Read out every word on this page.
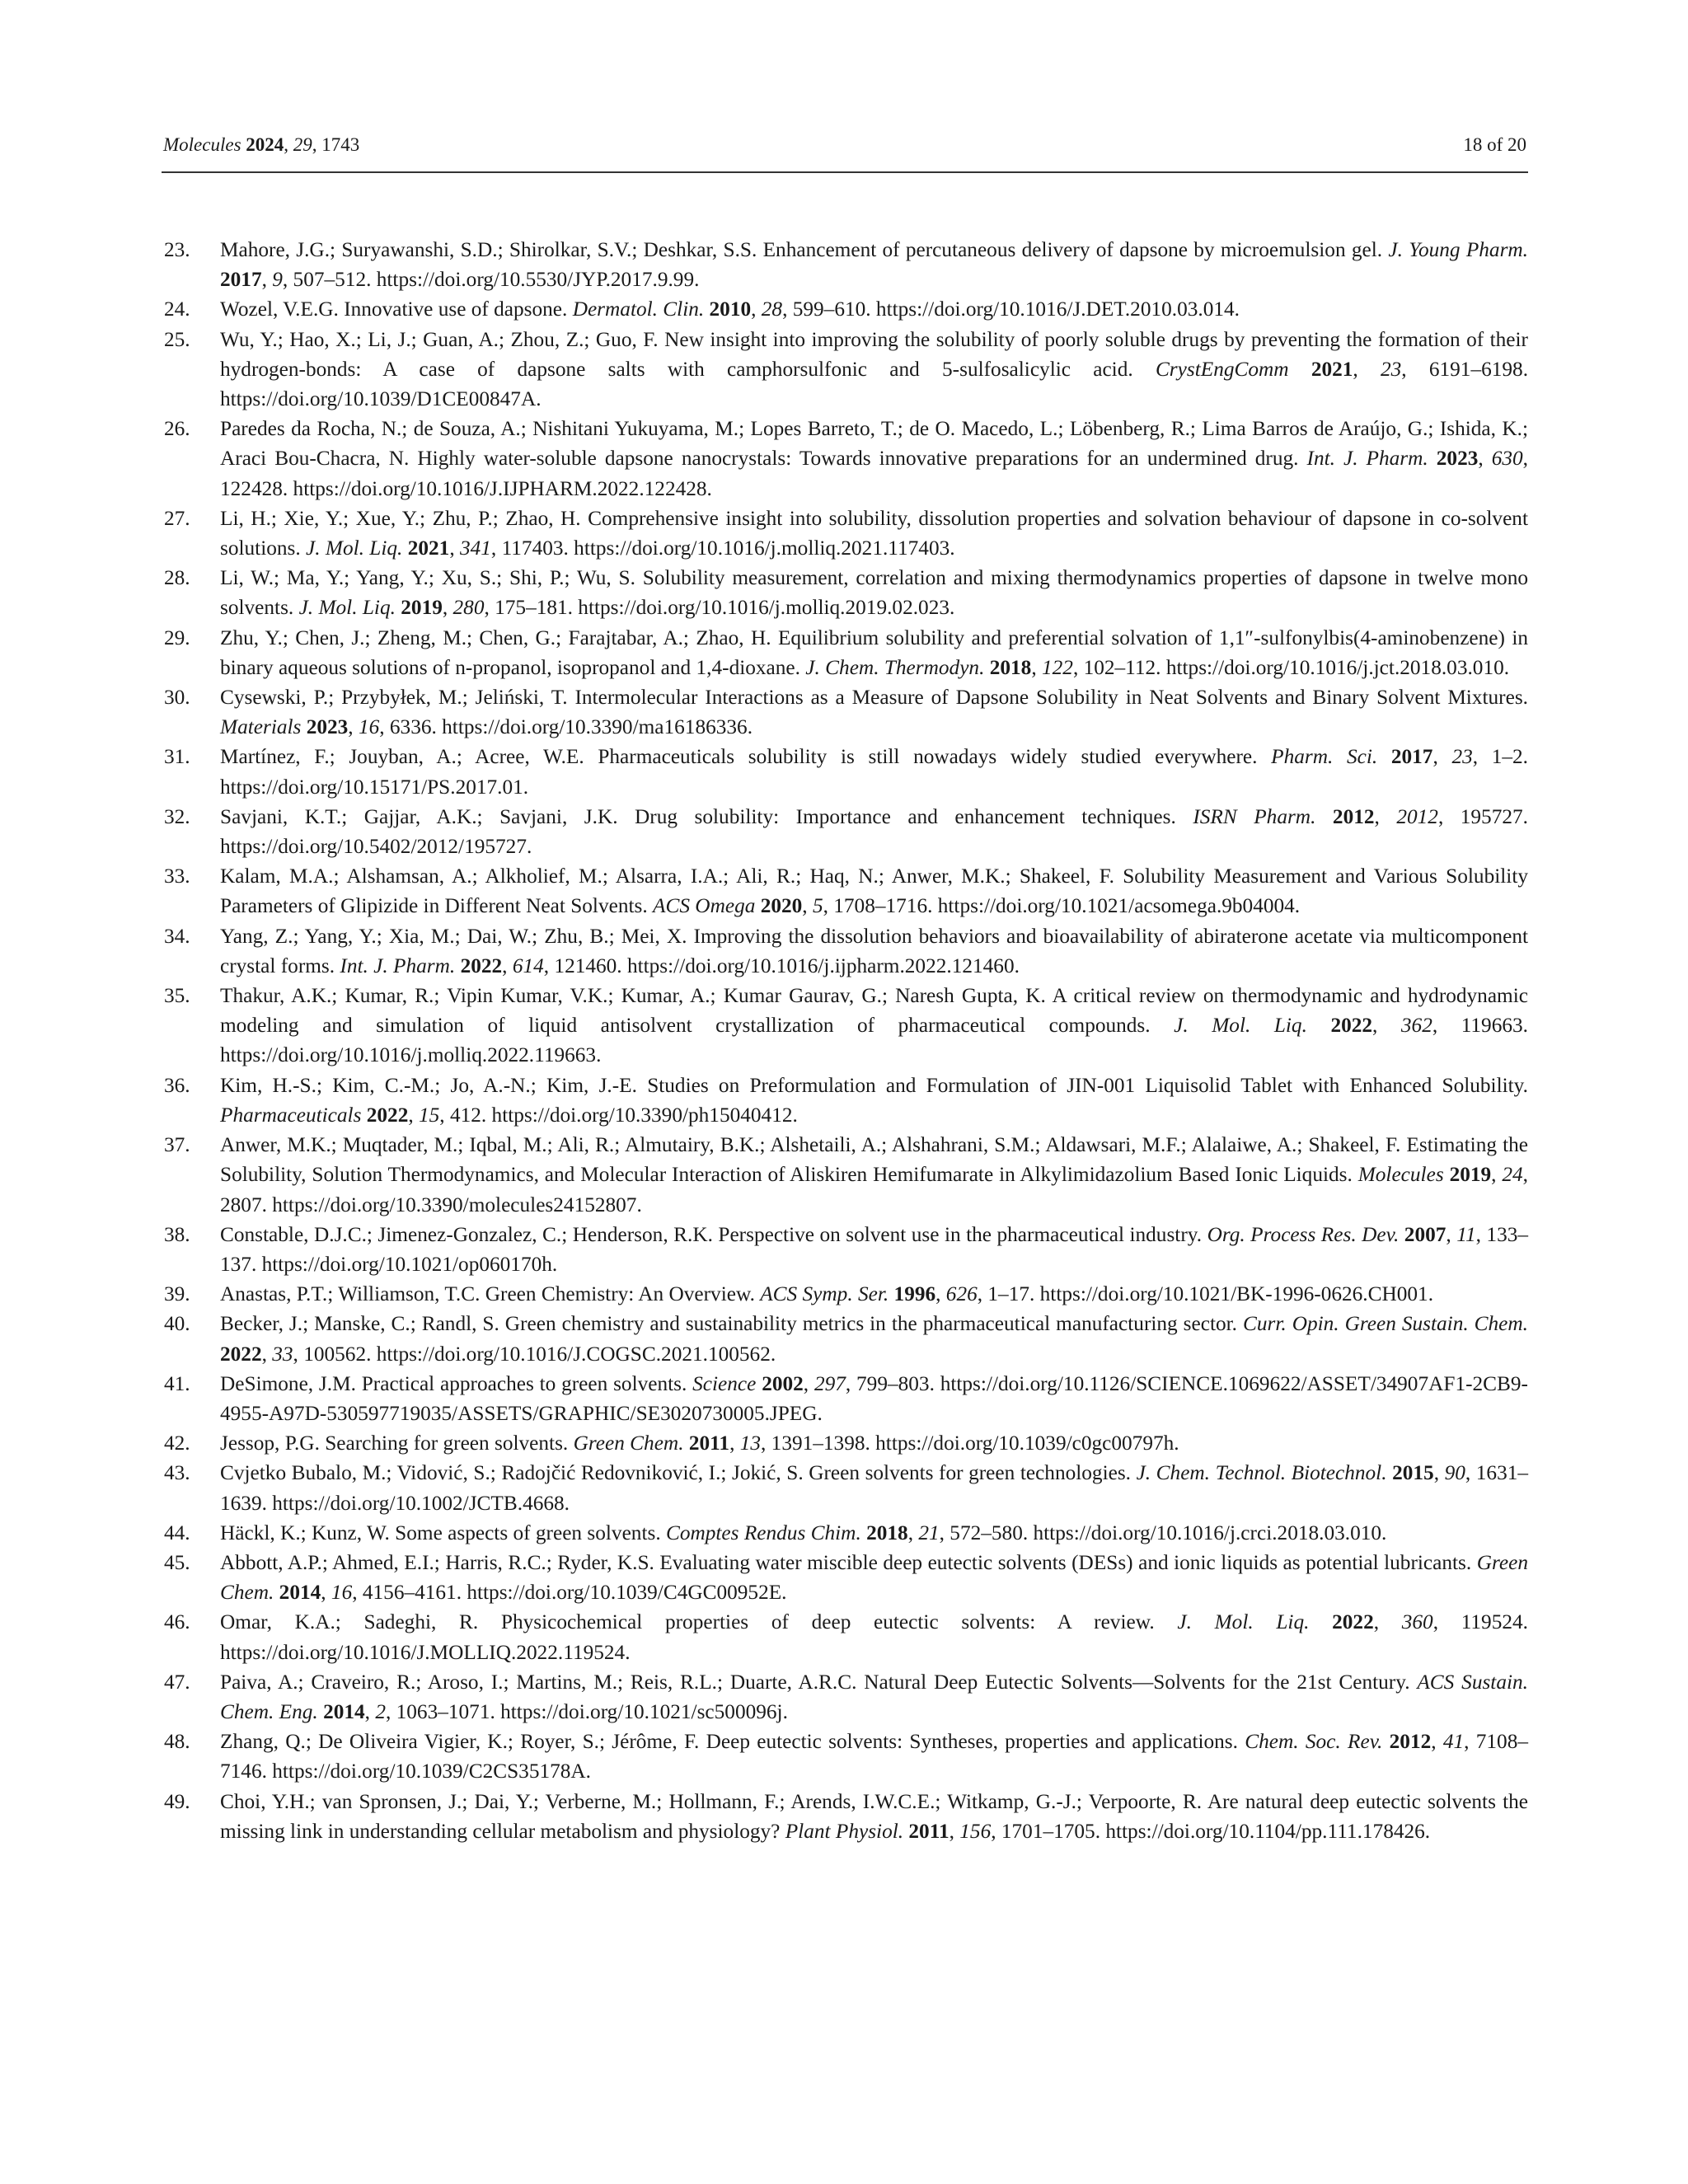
Molecules 2024, 29, 1743	18 of 20
23. Mahore, J.G.; Suryawanshi, S.D.; Shirolkar, S.V.; Deshkar, S.S. Enhancement of percutaneous delivery of dapsone by microemulsion gel. J. Young Pharm. 2017, 9, 507–512. https://doi.org/10.5530/JYP.2017.9.99.
24. Wozel, V.E.G. Innovative use of dapsone. Dermatol. Clin. 2010, 28, 599–610. https://doi.org/10.1016/J.DET.2010.03.014.
25. Wu, Y.; Hao, X.; Li, J.; Guan, A.; Zhou, Z.; Guo, F. New insight into improving the solubility of poorly soluble drugs by preventing the formation of their hydrogen-bonds: A case of dapsone salts with camphorsulfonic and 5-sulfosalicylic acid. CrystEngComm 2021, 23, 6191–6198. https://doi.org/10.1039/D1CE00847A.
26. Paredes da Rocha, N.; de Souza, A.; Nishitani Yukuyama, M.; Lopes Barreto, T.; de O. Macedo, L.; Löbenberg, R.; Lima Barros de Araújo, G.; Ishida, K.; Araci Bou-Chacra, N. Highly water-soluble dapsone nanocrystals: Towards innovative preparations for an undermined drug. Int. J. Pharm. 2023, 630, 122428. https://doi.org/10.1016/J.IJPHARM.2022.122428.
27. Li, H.; Xie, Y.; Xue, Y.; Zhu, P.; Zhao, H. Comprehensive insight into solubility, dissolution properties and solvation behaviour of dapsone in co-solvent solutions. J. Mol. Liq. 2021, 341, 117403. https://doi.org/10.1016/j.molliq.2021.117403.
28. Li, W.; Ma, Y.; Yang, Y.; Xu, S.; Shi, P.; Wu, S. Solubility measurement, correlation and mixing thermodynamics properties of dapsone in twelve mono solvents. J. Mol. Liq. 2019, 280, 175–181. https://doi.org/10.1016/j.molliq.2019.02.023.
29. Zhu, Y.; Chen, J.; Zheng, M.; Chen, G.; Farajtabar, A.; Zhao, H. Equilibrium solubility and preferential solvation of 1,1″-sulfonylbis(4-aminobenzene) in binary aqueous solutions of n-propanol, isopropanol and 1,4-dioxane. J. Chem. Thermodyn. 2018, 122, 102–112. https://doi.org/10.1016/j.jct.2018.03.010.
30. Cysewski, P.; Przybyłek, M.; Jeliński, T. Intermolecular Interactions as a Measure of Dapsone Solubility in Neat Solvents and Binary Solvent Mixtures. Materials 2023, 16, 6336. https://doi.org/10.3390/ma16186336.
31. Martínez, F.; Jouyban, A.; Acree, W.E. Pharmaceuticals solubility is still nowadays widely studied everywhere. Pharm. Sci. 2017, 23, 1–2. https://doi.org/10.15171/PS.2017.01.
32. Savjani, K.T.; Gajjar, A.K.; Savjani, J.K. Drug solubility: Importance and enhancement techniques. ISRN Pharm. 2012, 2012, 195727. https://doi.org/10.5402/2012/195727.
33. Kalam, M.A.; Alshamsan, A.; Alkholief, M.; Alsarra, I.A.; Ali, R.; Haq, N.; Anwer, M.K.; Shakeel, F. Solubility Measurement and Various Solubility Parameters of Glipizide in Different Neat Solvents. ACS Omega 2020, 5, 1708–1716. https://doi.org/10.1021/acsomega.9b04004.
34. Yang, Z.; Yang, Y.; Xia, M.; Dai, W.; Zhu, B.; Mei, X. Improving the dissolution behaviors and bioavailability of abiraterone acetate via multicomponent crystal forms. Int. J. Pharm. 2022, 614, 121460. https://doi.org/10.1016/j.ijpharm.2022.121460.
35. Thakur, A.K.; Kumar, R.; Vipin Kumar, V.K.; Kumar, A.; Kumar Gaurav, G.; Naresh Gupta, K. A critical review on thermodynamic and hydrodynamic modeling and simulation of liquid antisolvent crystallization of pharmaceutical compounds. J. Mol. Liq. 2022, 362, 119663. https://doi.org/10.1016/j.molliq.2022.119663.
36. Kim, H.-S.; Kim, C.-M.; Jo, A.-N.; Kim, J.-E. Studies on Preformulation and Formulation of JIN-001 Liquisolid Tablet with Enhanced Solubility. Pharmaceuticals 2022, 15, 412. https://doi.org/10.3390/ph15040412.
37. Anwer, M.K.; Muqtader, M.; Iqbal, M.; Ali, R.; Almutairy, B.K.; Alshetaili, A.; Alshahrani, S.M.; Aldawsari, M.F.; Alalaiwe, A.; Shakeel, F. Estimating the Solubility, Solution Thermodynamics, and Molecular Interaction of Aliskiren Hemifumarate in Alkylimidazolium Based Ionic Liquids. Molecules 2019, 24, 2807. https://doi.org/10.3390/molecules24152807.
38. Constable, D.J.C.; Jimenez-Gonzalez, C.; Henderson, R.K. Perspective on solvent use in the pharmaceutical industry. Org. Process Res. Dev. 2007, 11, 133–137. https://doi.org/10.1021/op060170h.
39. Anastas, P.T.; Williamson, T.C. Green Chemistry: An Overview. ACS Symp. Ser. 1996, 626, 1–17. https://doi.org/10.1021/BK-1996-0626.CH001.
40. Becker, J.; Manske, C.; Randl, S. Green chemistry and sustainability metrics in the pharmaceutical manufacturing sector. Curr. Opin. Green Sustain. Chem. 2022, 33, 100562. https://doi.org/10.1016/J.COGSC.2021.100562.
41. DeSimone, J.M. Practical approaches to green solvents. Science 2002, 297, 799–803. https://doi.org/10.1126/SCIENCE.1069622/ASSET/34907AF1-2CB9-4955-A97D-530597719035/ASSETS/GRAPHIC/SE3020730005.JPEG.
42. Jessop, P.G. Searching for green solvents. Green Chem. 2011, 13, 1391–1398. https://doi.org/10.1039/c0gc00797h.
43. Cvjetko Bubalo, M.; Vidović, S.; Radojčić Redovniković, I.; Jokić, S. Green solvents for green technologies. J. Chem. Technol. Biotechnol. 2015, 90, 1631–1639. https://doi.org/10.1002/JCTB.4668.
44. Häckl, K.; Kunz, W. Some aspects of green solvents. Comptes Rendus Chim. 2018, 21, 572–580. https://doi.org/10.1016/j.crci.2018.03.010.
45. Abbott, A.P.; Ahmed, E.I.; Harris, R.C.; Ryder, K.S. Evaluating water miscible deep eutectic solvents (DESs) and ionic liquids as potential lubricants. Green Chem. 2014, 16, 4156–4161. https://doi.org/10.1039/C4GC00952E.
46. Omar, K.A.; Sadeghi, R. Physicochemical properties of deep eutectic solvents: A review. J. Mol. Liq. 2022, 360, 119524. https://doi.org/10.1016/J.MOLLIQ.2022.119524.
47. Paiva, A.; Craveiro, R.; Aroso, I.; Martins, M.; Reis, R.L.; Duarte, A.R.C. Natural Deep Eutectic Solvents—Solvents for the 21st Century. ACS Sustain. Chem. Eng. 2014, 2, 1063–1071. https://doi.org/10.1021/sc500096j.
48. Zhang, Q.; De Oliveira Vigier, K.; Royer, S.; Jérôme, F. Deep eutectic solvents: Syntheses, properties and applications. Chem. Soc. Rev. 2012, 41, 7108–7146. https://doi.org/10.1039/C2CS35178A.
49. Choi, Y.H.; van Spronsen, J.; Dai, Y.; Verberne, M.; Hollmann, F.; Arends, I.W.C.E.; Witkamp, G.-J.; Verpoorte, R. Are natural deep eutectic solvents the missing link in understanding cellular metabolism and physiology? Plant Physiol. 2011, 156, 1701–1705. https://doi.org/10.1104/pp.111.178426.
